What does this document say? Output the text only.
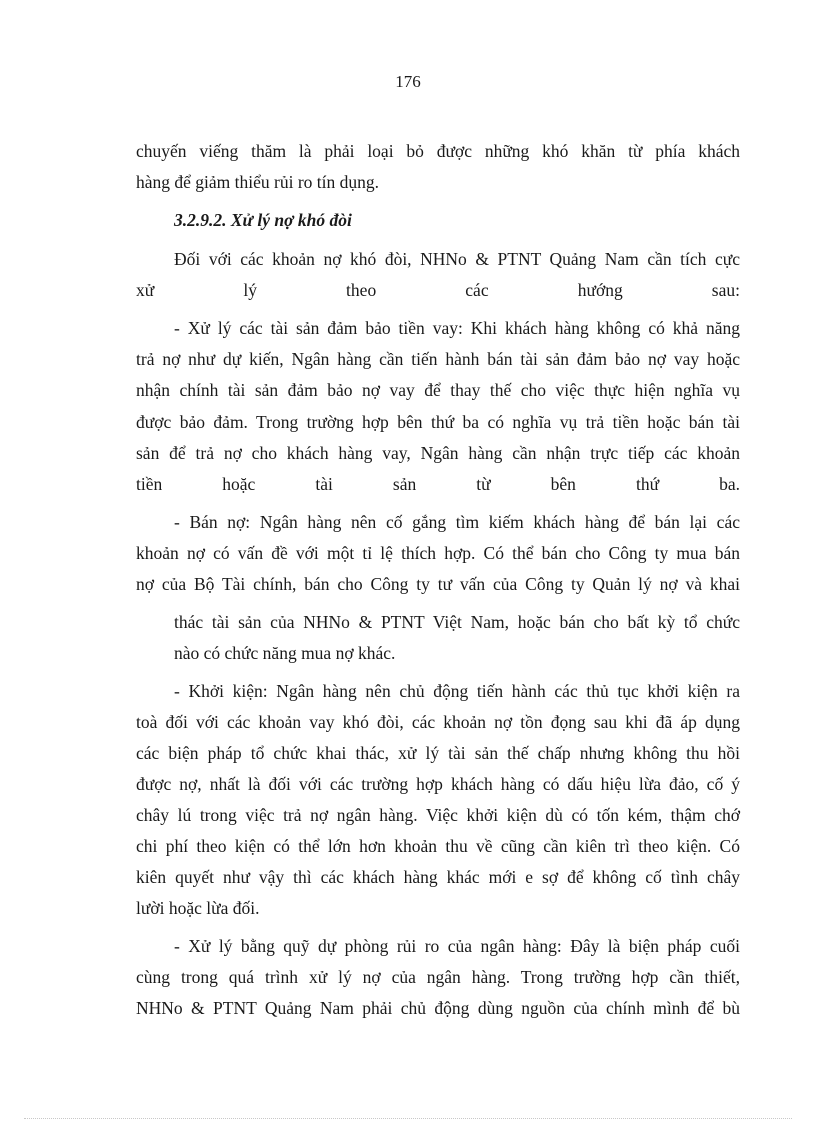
176
chuyến viếng thăm là phải loại bỏ được những khó khăn từ phía khách
hàng để giảm thiểu rủi ro tín dụng.
3.2.9.2. Xử lý nợ khó đòi
Đối với các khoản nợ khó đòi, NHNo & PTNT Quảng Nam cần tích cực
xử lý theo các hướng sau:
- Xử lý các tài sản đảm bảo tiền vay: Khi khách hàng không có khả năng
trả nợ như dự kiến, Ngân hàng cần tiến hành bán tài sản đảm bảo nợ vay hoặc
nhận chính tài sản đảm bảo nợ vay để thay thế cho việc thực hiện nghĩa vụ
được bảo đảm. Trong trường hợp bên thứ ba có nghĩa vụ trả tiền hoặc bán tài
sản để trả nợ cho khách hàng vay, Ngân hàng cần nhận trực tiếp các khoản
tiền hoặc tài sản từ bên thứ ba.
- Bán nợ: Ngân hàng nên cố gắng tìm kiếm khách hàng để bán lại các
khoản nợ có vấn đề với một tỉ lệ thích hợp. Có thể bán cho Công ty mua bán
nợ của Bộ Tài chính, bán cho Công ty tư vấn của Công ty Quản lý nợ và khai
thác tài sản của NHNo & PTNT Việt Nam, hoặc bán cho bất kỳ tổ chức
nào có chức năng mua nợ khác.
- Khởi kiện: Ngân hàng nên chủ động tiến hành các thủ tục khởi kiện ra
toà đối với các khoản vay khó đòi, các khoản nợ tồn đọng sau khi đã áp dụng
các biện pháp tổ chức khai thác, xử lý tài sản thế chấp nhưng không thu hồi
được nợ, nhất là đối với các trường hợp khách hàng có dấu hiệu lừa đảo, cố ý
chây lú trong việc trả nợ ngân hàng. Việc khởi kiện dù có tốn kém, thậm chớ
chi phí theo kiện có thể lớn hơn khoản thu về cũng cần kiên trì theo kiện. Có
kiên quyết như vậy thì các khách hàng khác mới e sợ để không cố tình chây
lười hoặc lừa đối.
- Xử lý bằng quỹ dự phòng rủi ro của ngân hàng: Đây là biện pháp cuối
cùng trong quá trình xử lý nợ của ngân hàng. Trong trường hợp cần thiết,
NHNo & PTNT Quảng Nam phải chủ động dùng nguồn của chính mình để bù
